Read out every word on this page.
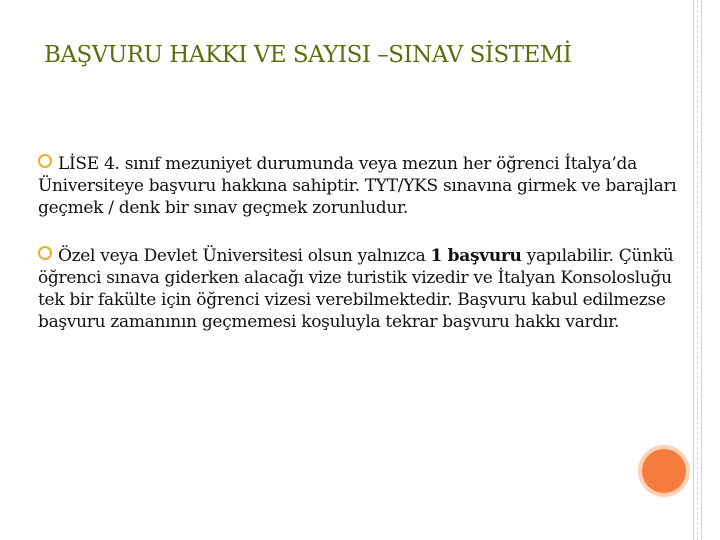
BAŞVURU HAKKI VE SAYISI –SINAV SİSTEMİ

LİSE 4. sınıf mezuniyet durumunda veya mezun her öğrenci İtalya’da Üniversiteye başvuru hakkına sahiptir. TYT/YKS sınavına girmek ve barajları geçmek / denk bir sınav geçmek zorunludur.

Özel veya Devlet Üniversitesi olsun yalnızca 1 başvuru yapılabilir. Çünkü öğrenci sınava giderken alacağı vize turistik vizedir ve İtalyan Konsolosluğu tek bir fakülte için öğrenci vizesi verebilmektedir. Başvuru kabul edilmezse başvuru zamanının geçmemesi koşuluyla tekrar başvuru hakkı vardır.
